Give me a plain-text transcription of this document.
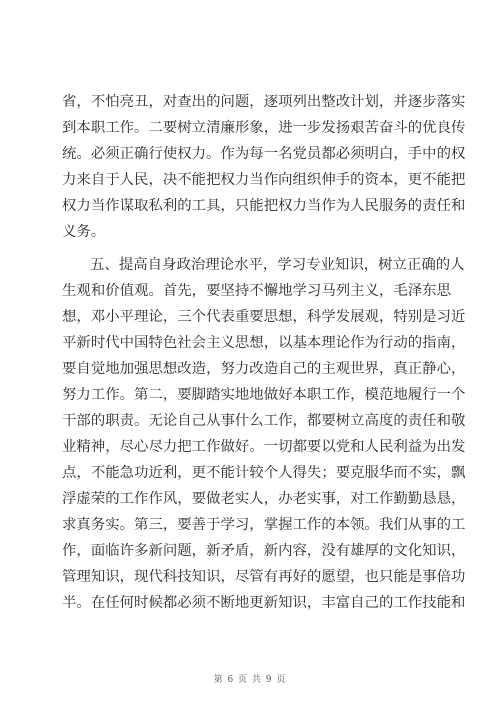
省 ， 不 怕 亮 丑 ， 对 查 出 的 问 题 ， 逐 项 列 出 整 改 计 划 ， 并 逐 步 落 实
到 本 职 工 作 。 二 要 树 立 清 廉 形 象 ， 进 一 步 发 扬 艰 苦 奋 斗 的 优 良 传
统 。 必 须 正 确 行 使 权 力 。 作 为 每 一 名 党 员 都 必 须 明 白 ， 手 中 的 权
力 来 自 于 人 民 ， 决 不 能 把 权 力 当 作 向 组 织 伸 手 的 资 本 ， 更 不 能 把
权 力 当 作 谋 取 私 利 的 工 具 ， 只 能 把 权 力 当 作 为 人 民 服 务 的 责 任 和
义务。
五 、 提 高 自 身 政 治 理 论 水 平 ， 学 习 专 业 知 识 ， 树 立 正 确 的 人
生 观 和 价 值 观 。 首 先 ， 要 坚 持 不 懈 地 学 习 马 列 主 义 ， 毛 泽 东 思
想 ， 邓 小 平 理 论 ， 三 个 代 表 重 要 思 想 ， 科 学 发 展 观 ， 特 别 是 习 近
平 新 时 代 中 国 特 色 社 会 主 义 思 想 ， 以 基 本 理 论 作 为 行 动 的 指 南 ，
要 自 觉 地 加 强 思 想 改 造 ， 努 力 改 造 自 己 的 主 观 世 界 ， 真 正 静 心 ，
努 力 工 作 。 第 二 ， 要 脚 踏 实 地 地 做 好 本 职 工 作 ， 模 范 地 履 行 一 个
干 部 的 职 责 。 无 论 自 己 从 事 什 么 工 作 ， 都 要 树 立 高 度 的 责 任 和 敬
业 精 神 ， 尽 心 尽 力 把 工 作 做 好 。 一 切 都 要 以 党 和 人 民 利 益 为 出 发
点 ， 不 能 急 功 近 利 ， 更 不 能 计 较 个 人 得 失 ； 要 克 服 华 而 不 实 ， 飘
浮 虚 荣 的 工 作 作 风 ， 要 做 老 实 人 ， 办 老 实 事 ， 对 工 作 勤 勤 恳 恳 ，
求 真 务 实 。 第 三 ， 要 善 于 学 习 ， 掌 握 工 作 的 本 领 。 我 们 从 事 的 工
作 ， 面 临 许 多 新 问 题 ， 新 矛 盾 ， 新 内 容 ， 没 有 雄 厚 的 文 化 知 识 ，
管 理 知 识 ， 现 代 科 技 知 识 ， 尽 管 有 再 好 的 愿 望 ， 也 只 能 是 事 倍 功
半 。 在 任 何 时 候 都 必 须 不 断 地 更 新 知 识 ， 丰 富 自 己 的 工 作 技 能 和
第 6 页 共 9 页
